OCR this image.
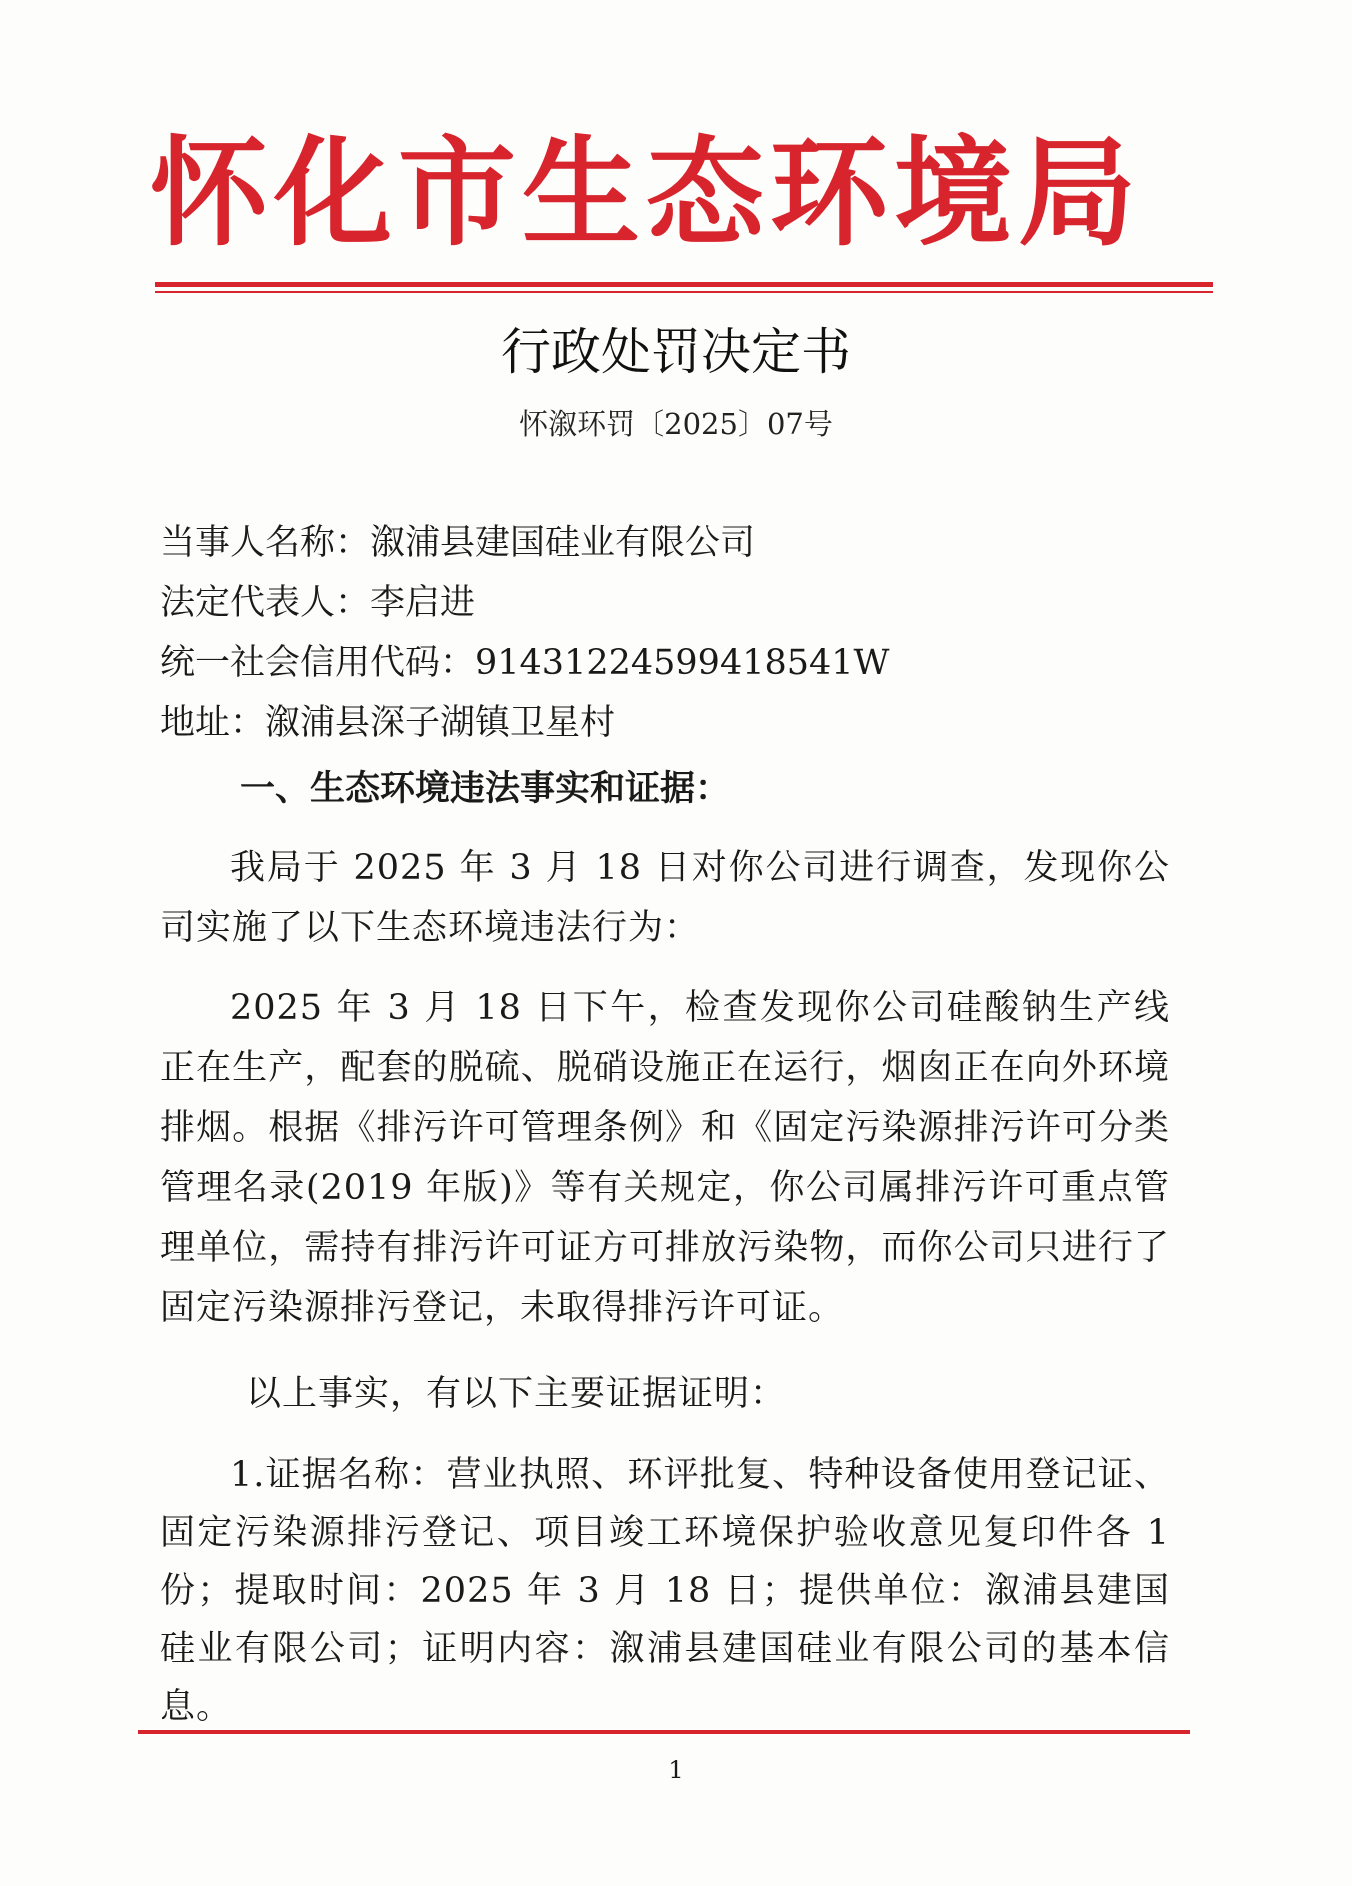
怀化市生态环境局
行政处罚决定书
怀溆环罚〔2025〕07号
当事人名称：溆浦县建国硅业有限公司
法定代表人：李启进
统一社会信用代码：91431224599418541W
地址：溆浦县深子湖镇卫星村
一、生态环境违法事实和证据：
我局于 2025 年 3 月 18 日对你公司进行调查，发现你公司实施了以下生态环境违法行为：
2025 年 3 月 18 日下午，检查发现你公司硅酸钠生产线正在生产，配套的脱硫、脱硝设施正在运行，烟囱正在向外环境排烟。根据《排污许可管理条例》和《固定污染源排污许可分类管理名录(2019 年版)》等有关规定，你公司属排污许可重点管理单位，需持有排污许可证方可排放污染物，而你公司只进行了固定污染源排污登记，未取得排污许可证。
以上事实，有以下主要证据证明：
1.证据名称：营业执照、环评批复、特种设备使用登记证、固定污染源排污登记、项目竣工环境保护验收意见复印件各 1 份；提取时间：2025 年 3 月 18 日；提供单位：溆浦县建国硅业有限公司；证明内容：溆浦县建国硅业有限公司的基本信息。
1
